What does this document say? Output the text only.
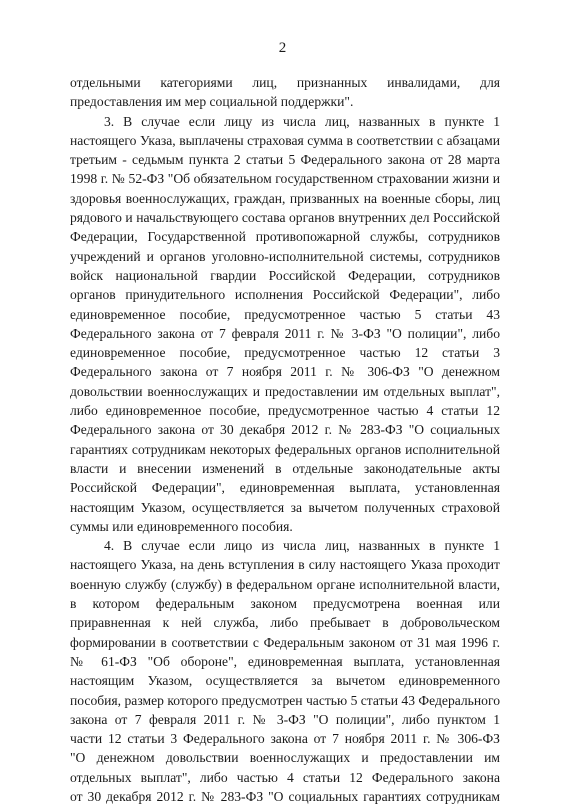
2
отдельными категориями лиц, признанных инвалидами, для
предоставления им мер социальной поддержки".
3. В случае если лицу из числа лиц, названных в пункте 1
настоящего Указа, выплачены страховая сумма в соответствии с абзацами
третьим - седьмым пункта 2 статьи 5 Федерального закона от 28 марта
1998 г. № 52-ФЗ "Об обязательном государственном страховании жизни и
здоровья военнослужащих, граждан, призванных на военные сборы, лиц
рядового и начальствующего состава органов внутренних дел Российской
Федерации, Государственной противопожарной службы, сотрудников
учреждений и органов уголовно-исполнительной системы, сотрудников
войск национальной гвардии Российской Федерации, сотрудников
органов принудительного исполнения Российской Федерации", либо
единовременное пособие, предусмотренное частью 5 статьи 43
Федерального закона от 7 февраля 2011 г. № 3-ФЗ "О полиции", либо
единовременное пособие, предусмотренное частью 12 статьи 3
Федерального закона от 7 ноября 2011 г. № 306-ФЗ "О денежном
довольствии военнослужащих и предоставлении им отдельных выплат",
либо единовременное пособие, предусмотренное частью 4 статьи 12
Федерального закона от 30 декабря 2012 г. № 283-ФЗ "О социальных
гарантиях сотрудникам некоторых федеральных органов исполнительной
власти и внесении изменений в отдельные законодательные акты
Российской Федерации", единовременная выплата, установленная
настоящим Указом, осуществляется за вычетом полученных страховой
суммы или единовременного пособия.
4. В случае если лицо из числа лиц, названных в пункте 1
настоящего Указа, на день вступления в силу настоящего Указа проходит
военную службу (службу) в федеральном органе исполнительной власти,
в котором федеральным законом предусмотрена военная или
приравненная к ней служба, либо пребывает в добровольческом
формировании в соответствии с Федеральным законом от 31 мая 1996 г.
№ 61-ФЗ "Об обороне", единовременная выплата, установленная
настоящим Указом, осуществляется за вычетом единовременного
пособия, размер которого предусмотрен частью 5 статьи 43 Федерального
закона от 7 февраля 2011 г. № 3-ФЗ "О полиции", либо пунктом 1
части 12 статьи 3 Федерального закона от 7 ноября 2011 г. № 306-ФЗ
"О денежном довольствии военнослужащих и предоставлении им
отдельных выплат", либо частью 4 статьи 12 Федерального закона
от 30 декабря 2012 г. № 283-ФЗ "О социальных гарантиях сотрудникам
